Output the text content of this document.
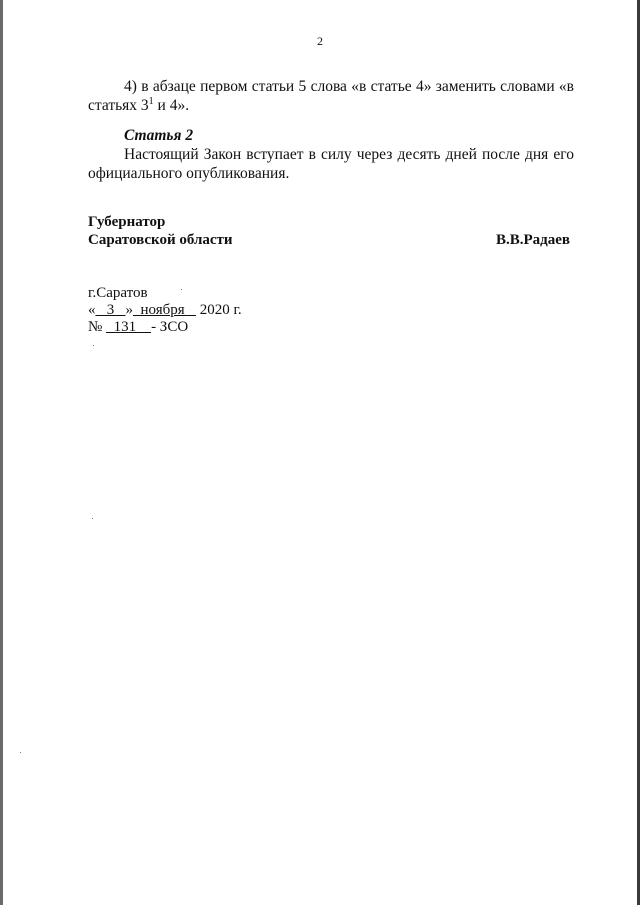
2
4) в абзаце первом статьи 5 слова «в статье 4» заменить словами «в статьях $3^1$ и 4».
Статья 2
Настоящий Закон вступает в силу через десять дней после дня его официального опубликования.
Губернатор
Саратовской области	В.В.Радаев
г.Саратов
«   3   »  ноября    2020 г.
№   131    - ЗСО
